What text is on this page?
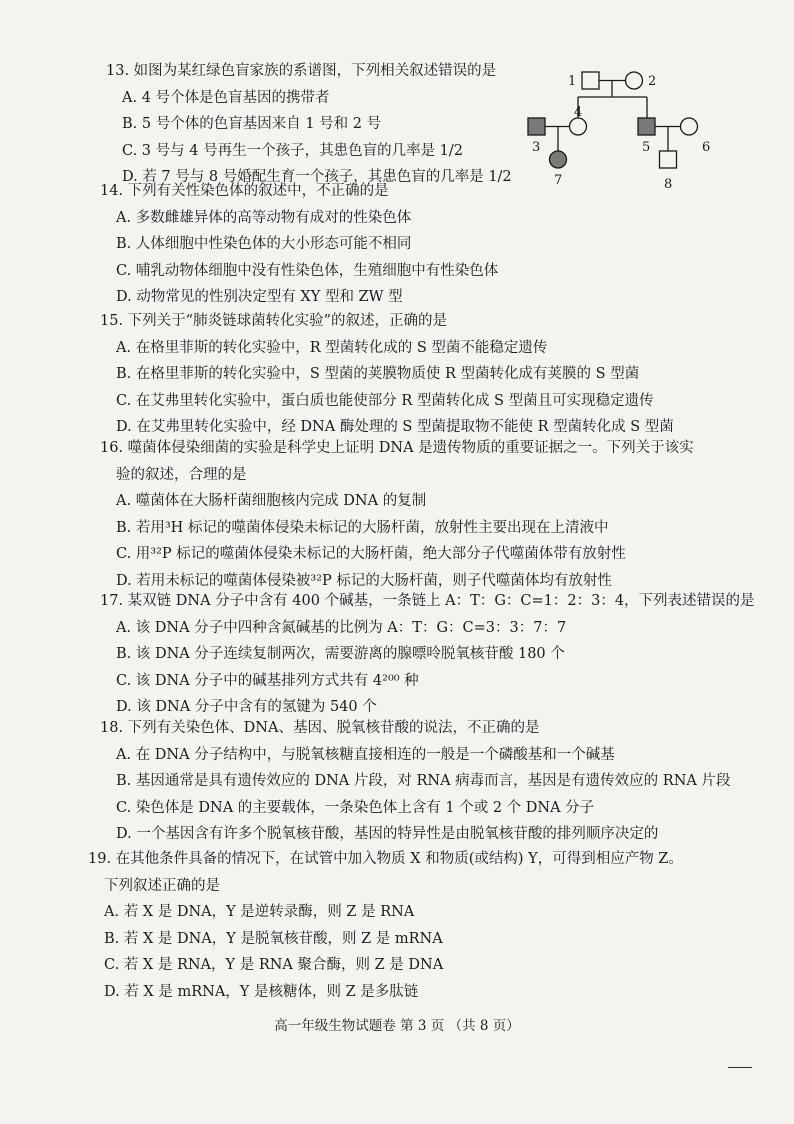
13. 如图为某红绿色盲家族的系谱图，下列相关叙述错误的是
A. 4 号个体是色盲基因的携带者
B. 5 号个体的色盲基因来自 1 号和 2 号
C. 3 号与 4 号再生一个孩子，其患色盲的几率是 1/2
D. 若 7 号与 8 号婚配生育一个孩子，其患色盲的几率是 1/2
1	2
3
4
5	6
7	8
14. 下列有关性染色体的叙述中，不正确的是
A. 多数雌雄异体的高等动物有成对的性染色体
B. 人体细胞中性染色体的大小形态可能不相同
C. 哺乳动物体细胞中没有性染色体，生殖细胞中有性染色体
D. 动物常见的性别决定型有 XY 型和 ZW 型
15. 下列关于“肺炎链球菌转化实验”的叙述，正确的是
A. 在格里菲斯的转化实验中，R 型菌转化成的 S 型菌不能稳定遗传
B. 在格里菲斯的转化实验中，S 型菌的荚膜物质使 R 型菌转化成有荚膜的 S 型菌
C. 在艾弗里转化实验中，蛋白质也能使部分 R 型菌转化成 S 型菌且可实现稳定遗传
D. 在艾弗里转化实验中，经 DNA 酶处理的 S 型菌提取物不能使 R 型菌转化成 S 型菌
16. 噬菌体侵染细菌的实验是科学史上证明 DNA 是遗传物质的重要证据之一。下列关于该实
验的叙述，合理的是
A. 噬菌体在大肠杆菌细胞核内完成 DNA 的复制
B. 若用³H 标记的噬菌体侵染未标记的大肠杆菌，放射性主要出现在上清液中
C. 用³²P 标记的噬菌体侵染未标记的大肠杆菌，绝大部分子代噬菌体带有放射性
D. 若用未标记的噬菌体侵染被³²P 标记的大肠杆菌，则子代噬菌体均有放射性
17. 某双链 DNA 分子中含有 400 个碱基，一条链上 A：T：G：C=1：2：3：4，下列表述错误的是
A. 该 DNA 分子中四种含氮碱基的比例为 A：T：G：C=3：3：7：7
B. 该 DNA 分子连续复制两次，需要游离的腺嘌呤脱氧核苷酸 180 个
C. 该 DNA 分子中的碱基排列方式共有 4²⁰⁰ 种
D. 该 DNA 分子中含有的氢键为 540 个
18. 下列有关染色体、DNA、基因、脱氧核苷酸的说法，不正确的是
A. 在 DNA 分子结构中，与脱氧核糖直接相连的一般是一个磷酸基和一个碱基
B. 基因通常是具有遗传效应的 DNA 片段，对 RNA 病毒而言，基因是有遗传效应的 RNA 片段
C. 染色体是 DNA 的主要载体，一条染色体上含有 1 个或 2 个 DNA 分子
D. 一个基因含有许多个脱氧核苷酸，基因的特异性是由脱氧核苷酸的排列顺序决定的
19. 在其他条件具备的情况下，在试管中加入物质 X 和物质(或结构) Y，可得到相应产物 Z。
下列叙述正确的是
A. 若 X 是 DNA，Y 是逆转录酶，则 Z 是 RNA
B. 若 X 是 DNA，Y 是脱氧核苷酸，则 Z 是 mRNA
C. 若 X 是 RNA，Y 是 RNA 聚合酶，则 Z 是 DNA
D. 若 X 是 mRNA，Y 是核糖体，则 Z 是多肽链
高一年级生物试题卷 第 3 页 （共 8 页）
